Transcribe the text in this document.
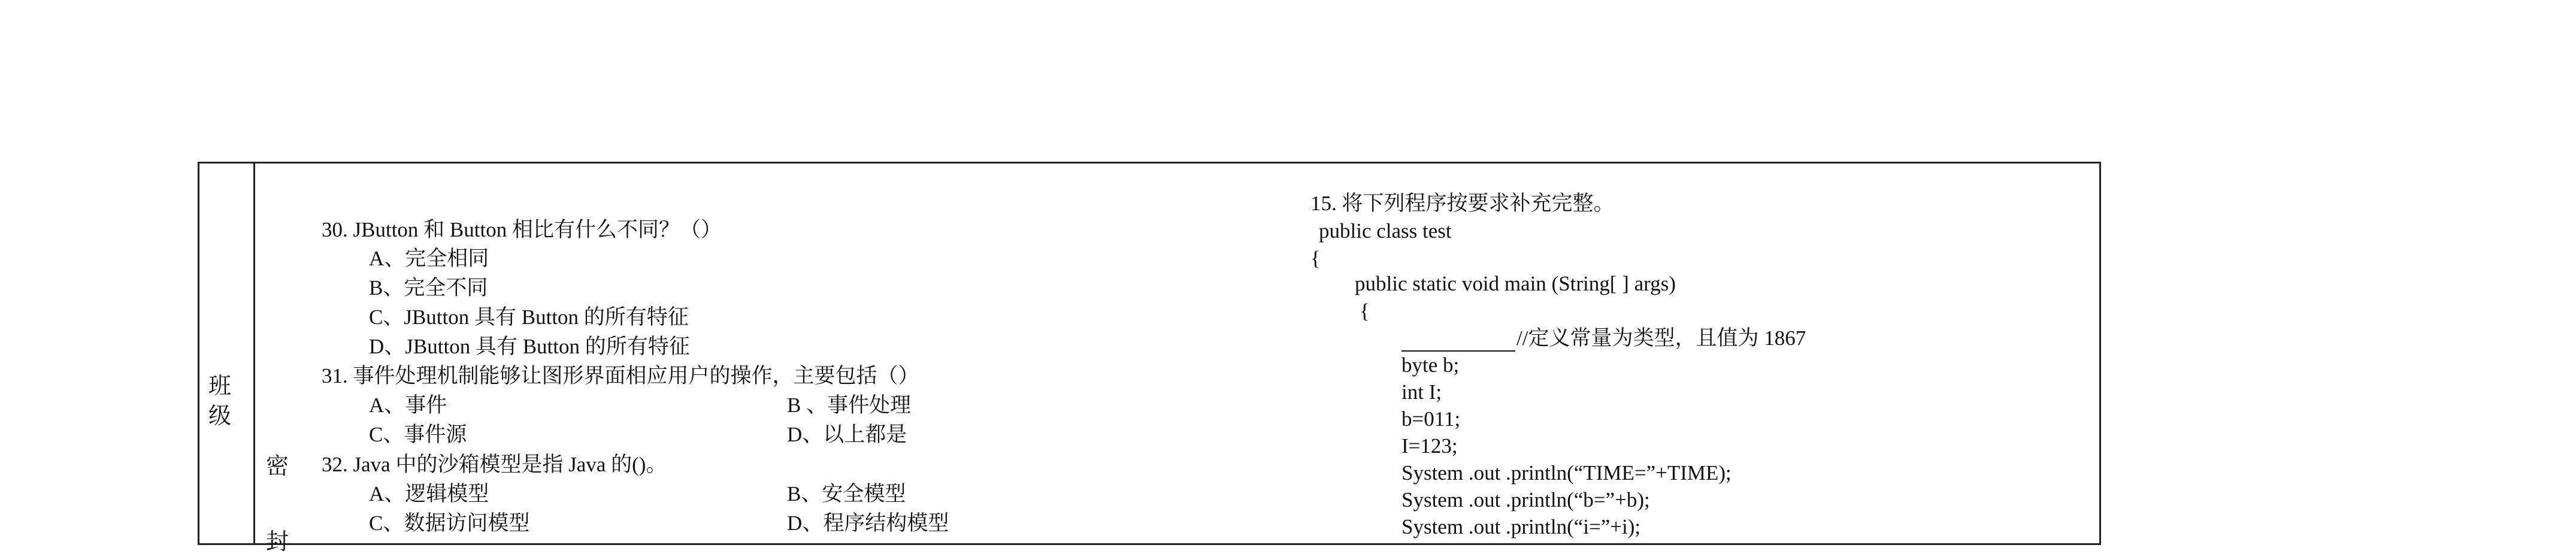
班
级
密
封
30. JButton 和 Button 相比有什么不同？（）
A、完全相同
B、完全不同
C、JButton 具有 Button 的所有特征
D、JButton 具有 Button 的所有特征
31. 事件处理机制能够让图形界面相应用户的操作，主要包括（）
A、事件	B 、事件处理
C、事件源	D、以上都是
32. Java 中的沙箱模型是指 Java 的()。
A、逻辑模型	B、安全模型
C、数据访问模型	D、程序结构模型
15. 将下列程序按要求补充完整。
public class test
{
public static void main (String[ ] args)
{
//定义常量为类型，且值为 1867
byte b;
int I;
b=011;
I=123;
System .out .println(“TIME=”+TIME);
System .out .println(“b=”+b);
System .out .println(“i=”+i);
